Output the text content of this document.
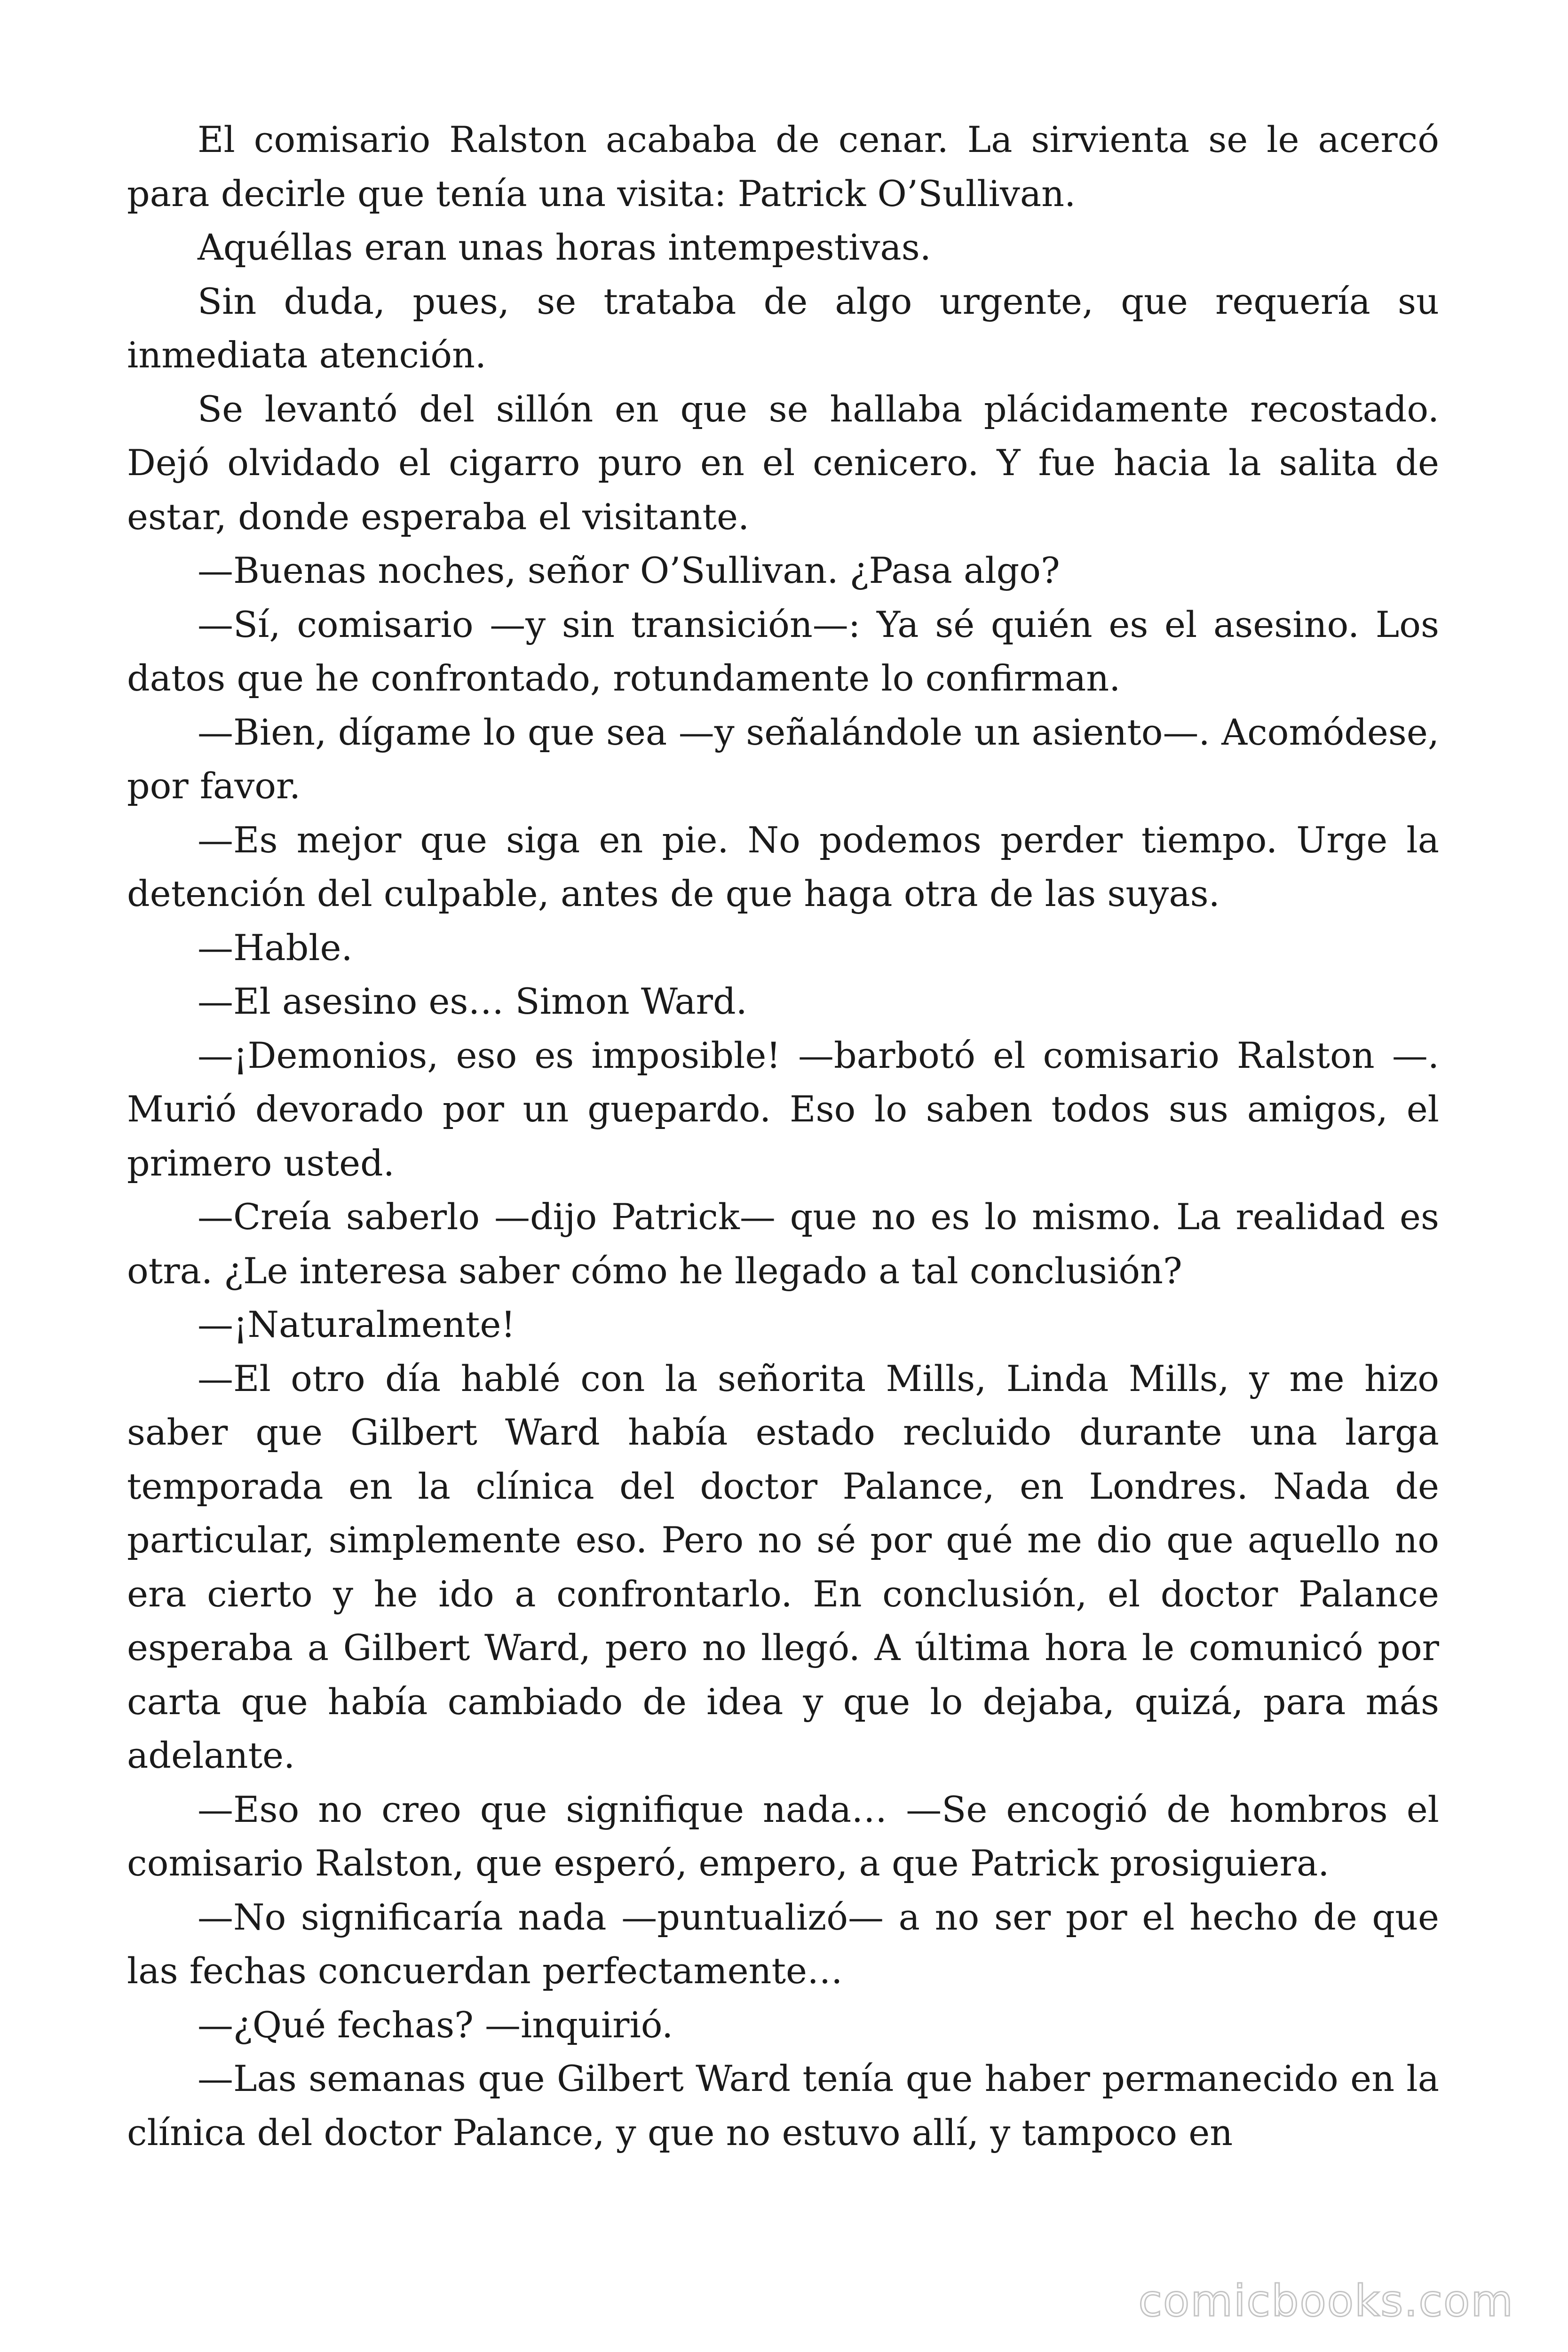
El comisario Ralston acababa de cenar. La sirvienta se le acercó para decirle que tenía una visita: Patrick O’Sullivan.

Aquéllas eran unas horas intempestivas.

Sin duda, pues, se trataba de algo urgente, que requería su inmediata atención.

Se levantó del sillón en que se hallaba plácidamente recostado. Dejó olvidado el cigarro puro en el cenicero. Y fue hacia la salita de estar, donde esperaba el visitante.

—Buenas noches, señor O’Sullivan. ¿Pasa algo?

—Sí, comisario —y sin transición—: Ya sé quién es el asesino. Los datos que he confrontado, rotundamente lo confirman.

—Bien, dígame lo que sea —y señalándole un asiento—. Acomódese, por favor.

—Es mejor que siga en pie. No podemos perder tiempo. Urge la detención del culpable, antes de que haga otra de las suyas.

—Hable.

—El asesino es… Simon Ward.

—¡Demonios, eso es imposible! —barbotó el comisario Ralston —. Murió devorado por un guepardo. Eso lo saben todos sus amigos, el primero usted.

—Creía saberlo —dijo Patrick— que no es lo mismo. La realidad es otra. ¿Le interesa saber cómo he llegado a tal conclusión?

—¡Naturalmente!

—El otro día hablé con la señorita Mills, Linda Mills, y me hizo saber que Gilbert Ward había estado recluido durante una larga temporada en la clínica del doctor Palance, en Londres. Nada de particular, simplemente eso. Pero no sé por qué me dio que aquello no era cierto y he ido a confrontarlo. En conclusión, el doctor Palance esperaba a Gilbert Ward, pero no llegó. A última hora le comunicó por carta que había cambiado de idea y que lo dejaba, quizá, para más adelante.

—Eso no creo que signifique nada… —Se encogió de hombros el comisario Ralston, que esperó, empero, a que Patrick prosiguiera.

—No significaría nada —puntualizó— a no ser por el hecho de que las fechas concuerdan perfectamente…

—¿Qué fechas? —inquirió.

—Las semanas que Gilbert Ward tenía que haber permanecido en la clínica del doctor Palance, y que no estuvo allí, y tampoco en

comicbooks.com
